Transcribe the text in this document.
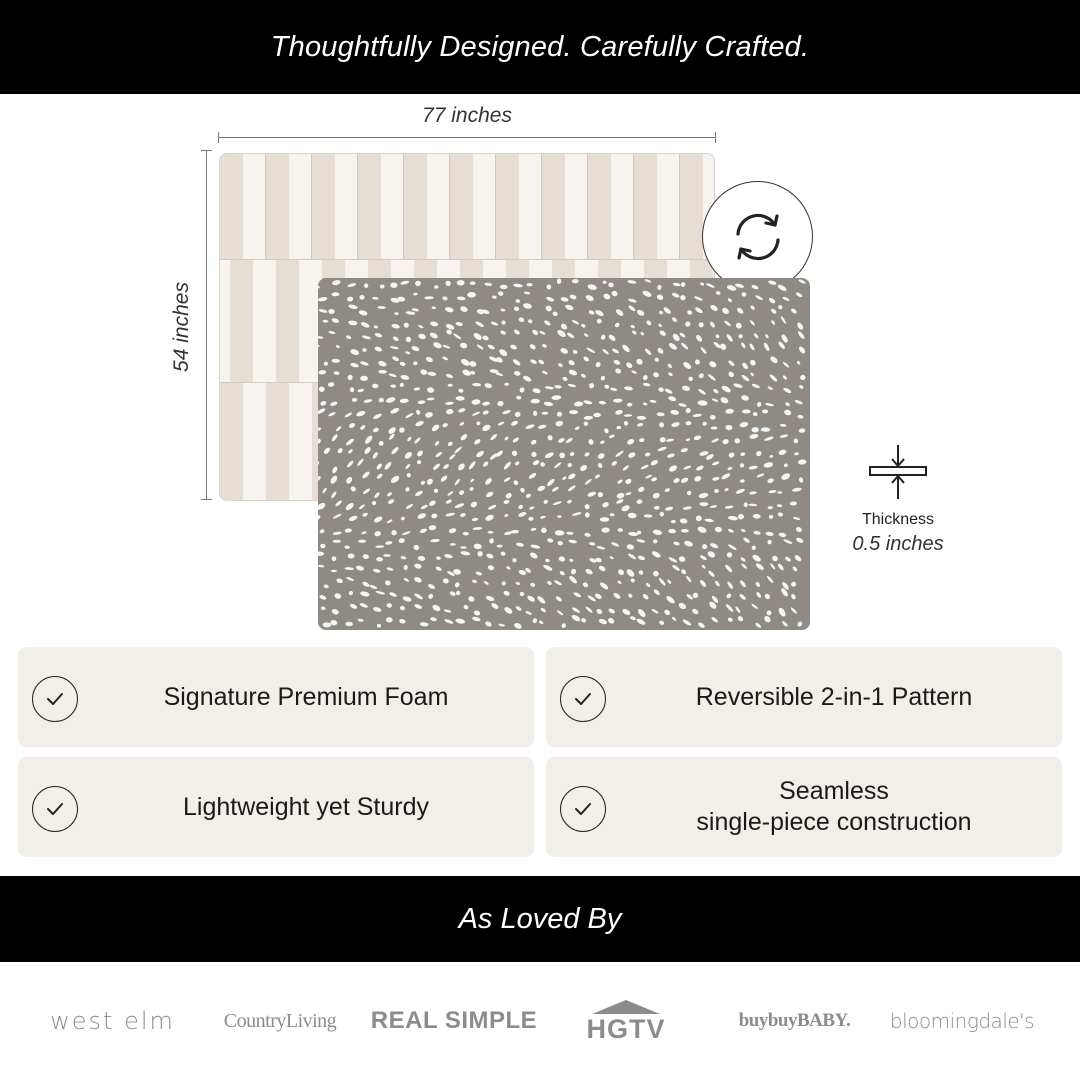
Thoughtfully Designed. Carefully Crafted.
77 inches
54 inches
Thickness
0.5 inches
Signature Premium Foam	Reversible 2-in-1 Pattern
Lightweight yet Sturdy
Seamless
single-piece construction
As Loved By
west elm	CountryLiving	REAL SIMPLE HGTV	buybuyBABY.	bloomingdale's
